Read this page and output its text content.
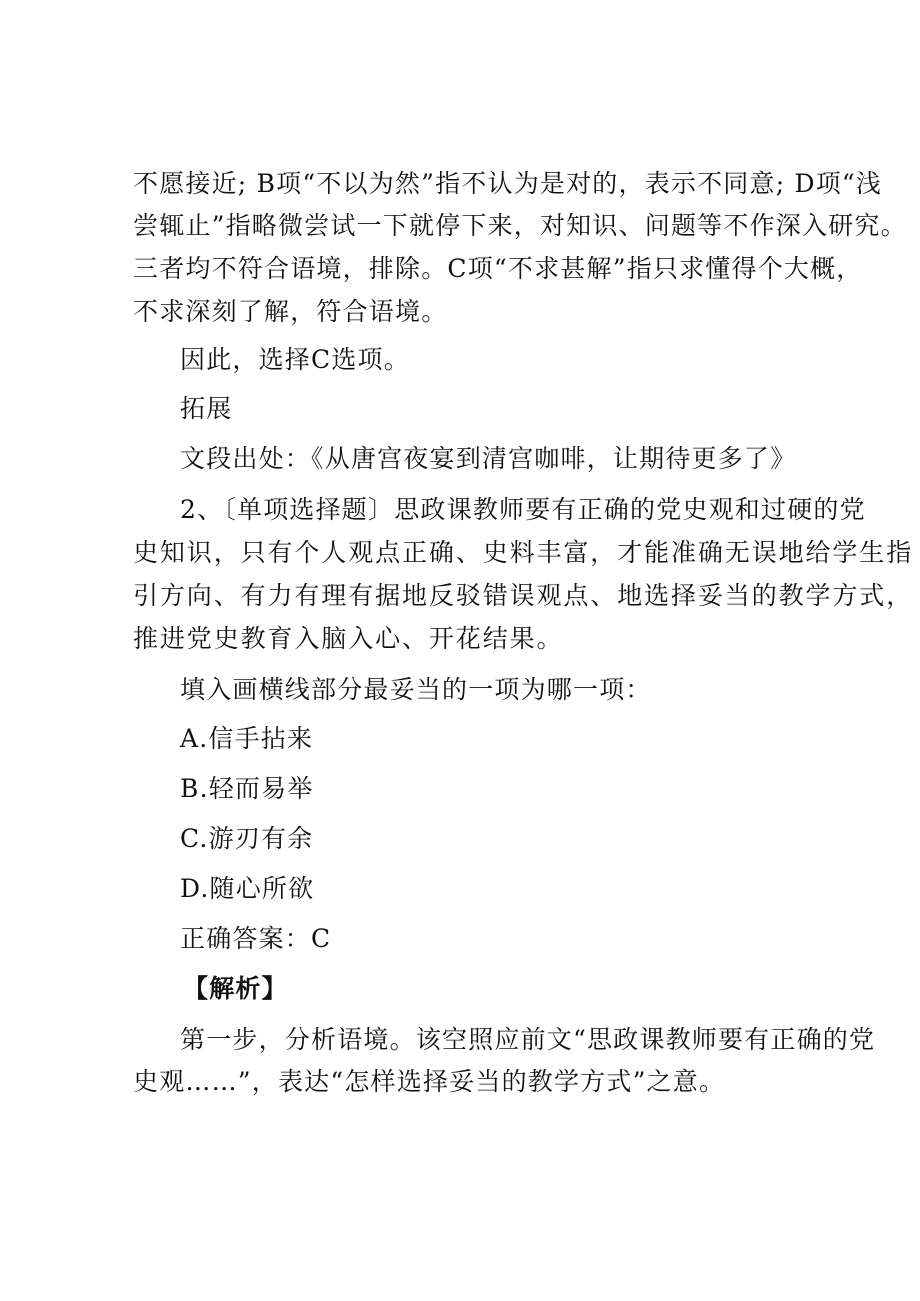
不愿接近; B项“不以为然”指不认为是对的，表示不同意; D项“浅
尝辄止”指略微尝试一下就停下来，对知识、问题等不作深入研究。
三者均不符合语境，排除。C项“不求甚解”指只求懂得个大概，
不求深刻了解，符合语境。
因此，选择C选项。
拓展
文段出处：《从唐宫夜宴到清宫咖啡，让期待更多了》
2、〔单项选择题〕思政课教师要有正确的党史观和过硬的党
史知识，只有个人观点正确、史料丰富，才能准确无误地给学生指
引方向、有力有理有据地反驳错误观点、地选择妥当的教学方式，
推进党史教育入脑入心、开花结果。
填入画横线部分最妥当的一项为哪一项：
A.信手拈来
B.轻而易举
C.游刃有余
D.随心所欲
正确答案：C
【解析】
第一步，分析语境。该空照应前文“思政课教师要有正确的党
史观……”，表达“怎样选择妥当的教学方式”之意。
